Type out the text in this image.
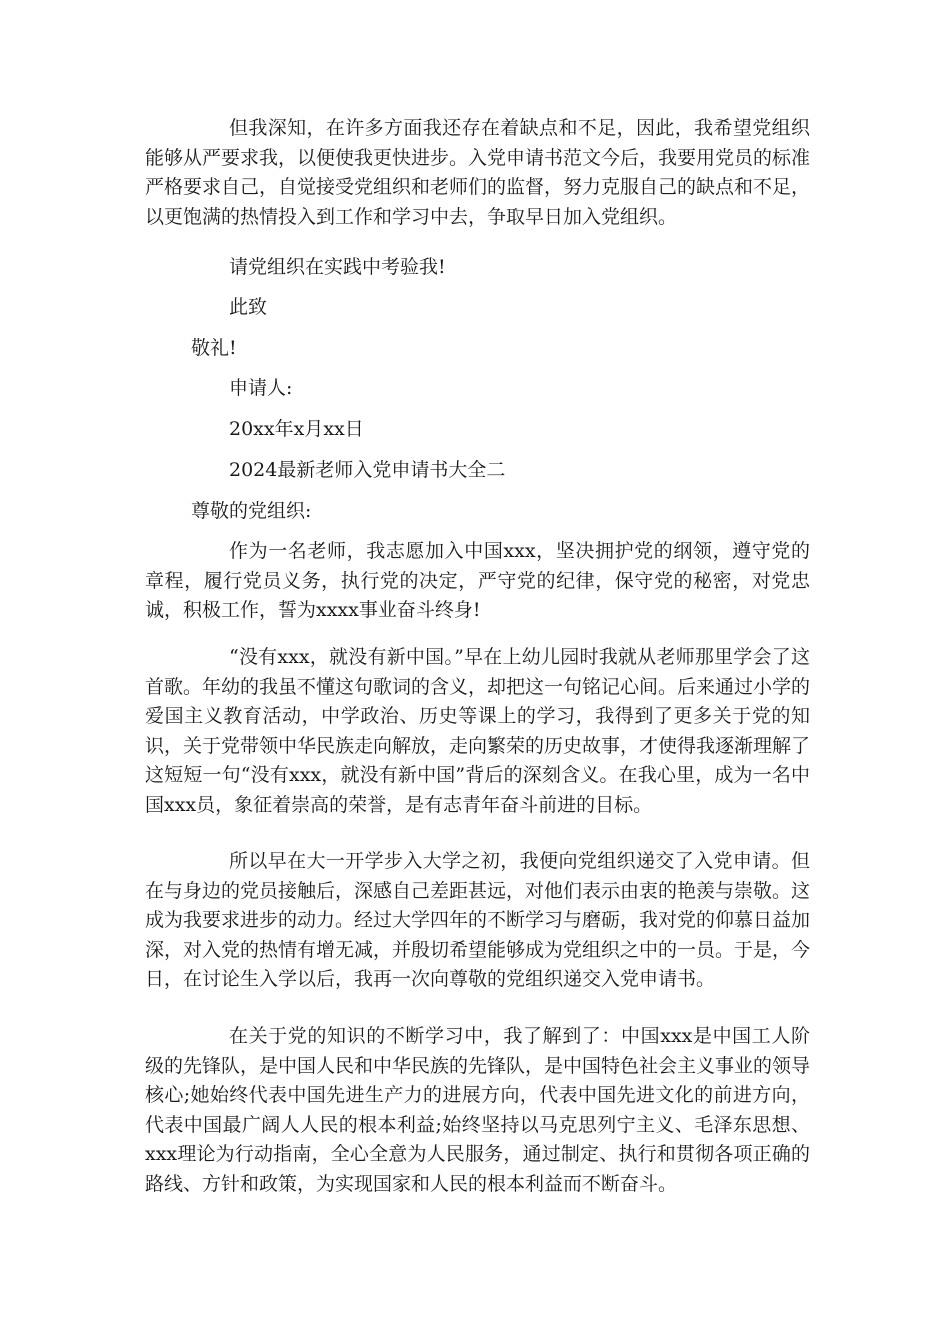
但我深知，在许多方面我还存在着缺点和不足，因此，我希望党组织能够从严要求我，以便使我更快进步。入党申请书范文今后，我要用党员的标准严格要求自己，自觉接受党组织和老师们的监督，努力克服自己的缺点和不足，以更饱满的热情投入到工作和学习中去，争取早日加入党组织。

请党组织在实践中考验我!

此致

敬礼!

申请人:

20xx年x月xx日

2024最新老师入党申请书大全二

尊敬的党组织:

作为一名老师，我志愿加入中国xxx，坚决拥护党的纲领，遵守党的章程，履行党员义务，执行党的决定，严守党的纪律，保守党的秘密，对党忠诚，积极工作，誓为xxxx事业奋斗终身!

“没有xxx，就没有新中国。”早在上幼儿园时我就从老师那里学会了这首歌。年幼的我虽不懂这句歌词的含义，却把这一句铭记心间。后来通过小学的爱国主义教育活动，中学政治、历史等课上的学习，我得到了更多关于党的知识，关于党带领中华民族走向解放，走向繁荣的历史故事，才使得我逐渐理解了这短短一句“没有xxx，就没有新中国”背后的深刻含义。在我心里，成为一名中国xxx员，象征着崇高的荣誉，是有志青年奋斗前进的目标。

所以早在大一开学步入大学之初，我便向党组织递交了入党申请。但在与身边的党员接触后，深感自己差距甚远，对他们表示由衷的艳羡与崇敬。这成为我要求进步的动力。经过大学四年的不断学习与磨砺，我对党的仰慕日益加深，对入党的热情有增无减，并殷切希望能够成为党组织之中的一员。于是，今日，在讨论生入学以后，我再一次向尊敬的党组织递交入党申请书。

在关于党的知识的不断学习中，我了解到了：中国xxx是中国工人阶级的先锋队，是中国人民和中华民族的先锋队，是中国特色社会主义事业的领导核心;她始终代表中国先进生产力的进展方向，代表中国先进文化的前进方向，代表中国最广阔人人民的根本利益;始终坚持以马克思列宁主义、毛泽东思想、xxx理论为行动指南，全心全意为人民服务，通过制定、执行和贯彻各项正确的路线、方针和政策，为实现国家和人民的根本利益而不断奋斗。
